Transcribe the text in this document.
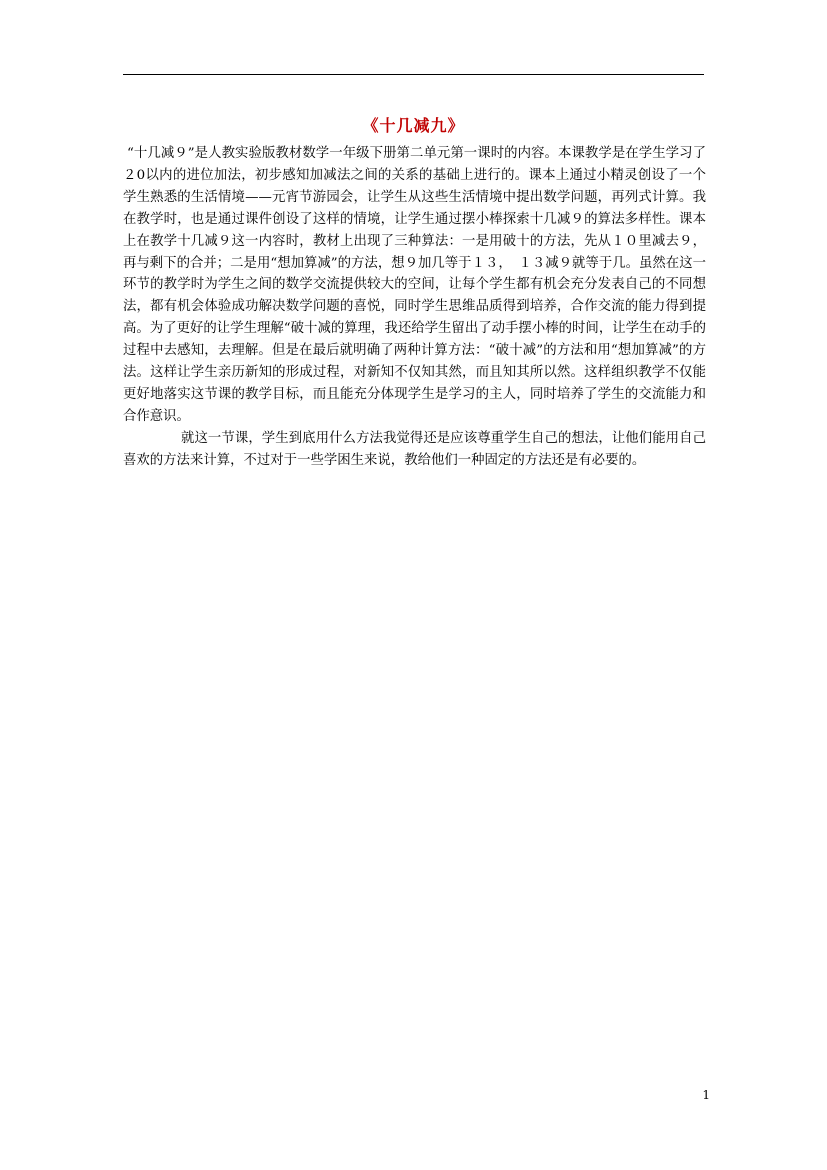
《十几减九》

“十几减９”是人教实验版教材数学一年级下册第二单元第一课时的内容。本课教学是在学生学习了２0以内的进位加法，初步感知加减法之间的关系的基础上进行的。课本上通过小精灵创设了一个学生熟悉的生活情境——元宵节游园会，让学生从这些生活情境中提出数学问题，再列式计算。我在教学时，也是通过课件创设了这样的情境，让学生通过摆小棒探索十几减９的算法多样性。课本上在教学十几减９这一内容时，教材上出现了三种算法：一是用破十的方法，先从１０里减去９，再与剩下的合并；二是用“想加算减”的方法，想９加几等于１３，　１３减９就等于几。虽然在这一环节的教学时为学生之间的数学交流提供较大的空间，让每个学生都有机会充分发表自己的不同想法，都有机会体验成功解决数学问题的喜悦，同时学生思维品质得到培养，合作交流的能力得到提高。为了更好的让学生理解“破十减的算理，我还给学生留出了动手摆小棒的时间，让学生在动手的过程中去感知，去理解。但是在最后就明确了两种计算方法：“破十减”的方法和用“想加算减”的方法。这样让学生亲历新知的形成过程，对新知不仅知其然，而且知其所以然。这样组织教学不仅能更好地落实这节课的教学目标，而且能充分体现学生是学习的主人，同时培养了学生的交流能力和合作意识。

就这一节课，学生到底用什么方法我觉得还是应该尊重学生自己的想法，让他们能用自己喜欢的方法来计算，不过对于一些学困生来说，教给他们一种固定的方法还是有必要的。

1
